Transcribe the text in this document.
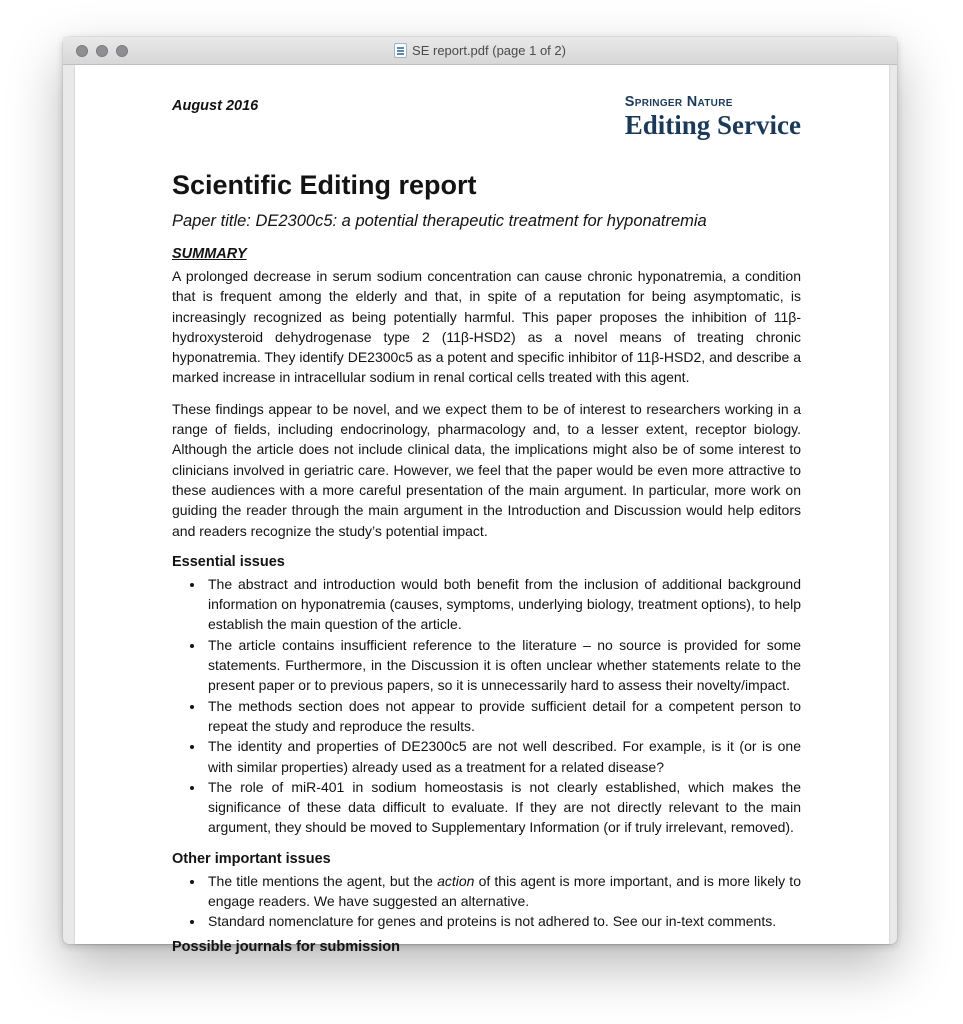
SE report.pdf (page 1 of 2)
August 2016	Springer Nature
Editing Service
Scientific Editing report
Paper title: DE2300c5: a potential therapeutic treatment for hyponatremia
SUMMARY

A prolonged decrease in serum sodium concentration can cause chronic hyponatremia, a condition that is frequent among the elderly and that, in spite of a reputation for being asymptomatic, is increasingly recognized as being potentially harmful. This paper proposes the inhibition of 11β-hydroxysteroid dehydrogenase type 2 (11β-HSD2) as a novel means of treating chronic hyponatremia. They identify DE2300c5 as a potent and specific inhibitor of 11β-HSD2, and describe a marked increase in intracellular sodium in renal cortical cells treated with this agent.

These findings appear to be novel, and we expect them to be of interest to researchers working in a range of fields, including endocrinology, pharmacology and, to a lesser extent, receptor biology. Although the article does not include clinical data, the implications might also be of some interest to clinicians involved in geriatric care. However, we feel that the paper would be even more attractive to these audiences with a more careful presentation of the main argument. In particular, more work on guiding the reader through the main argument in the Introduction and Discussion would help editors and readers recognize the study’s potential impact.

Essential issues
• The abstract and introduction would both benefit from the inclusion of additional background information on hyponatremia (causes, symptoms, underlying biology, treatment options), to help establish the main question of the article.
• The article contains insufficient reference to the literature – no source is provided for some statements. Furthermore, in the Discussion it is often unclear whether statements relate to the present paper or to previous papers, so it is unnecessarily hard to assess their novelty/impact.
• The methods section does not appear to provide sufficient detail for a competent person to repeat the study and reproduce the results.
• The identity and properties of DE2300c5 are not well described. For example, is it (or is one with similar properties) already used as a treatment for a related disease?
• The role of miR-401 in sodium homeostasis is not clearly established, which makes the significance of these data difficult to evaluate. If they are not directly relevant to the main argument, they should be moved to Supplementary Information (or if truly irrelevant, removed).
Other important issues
• The title mentions the agent, but the action of this agent is more important, and is more likely to engage readers. We have suggested an alternative.
• Standard nomenclature for genes and proteins is not adhered to. See our in-text comments.
Possible journals for submission
